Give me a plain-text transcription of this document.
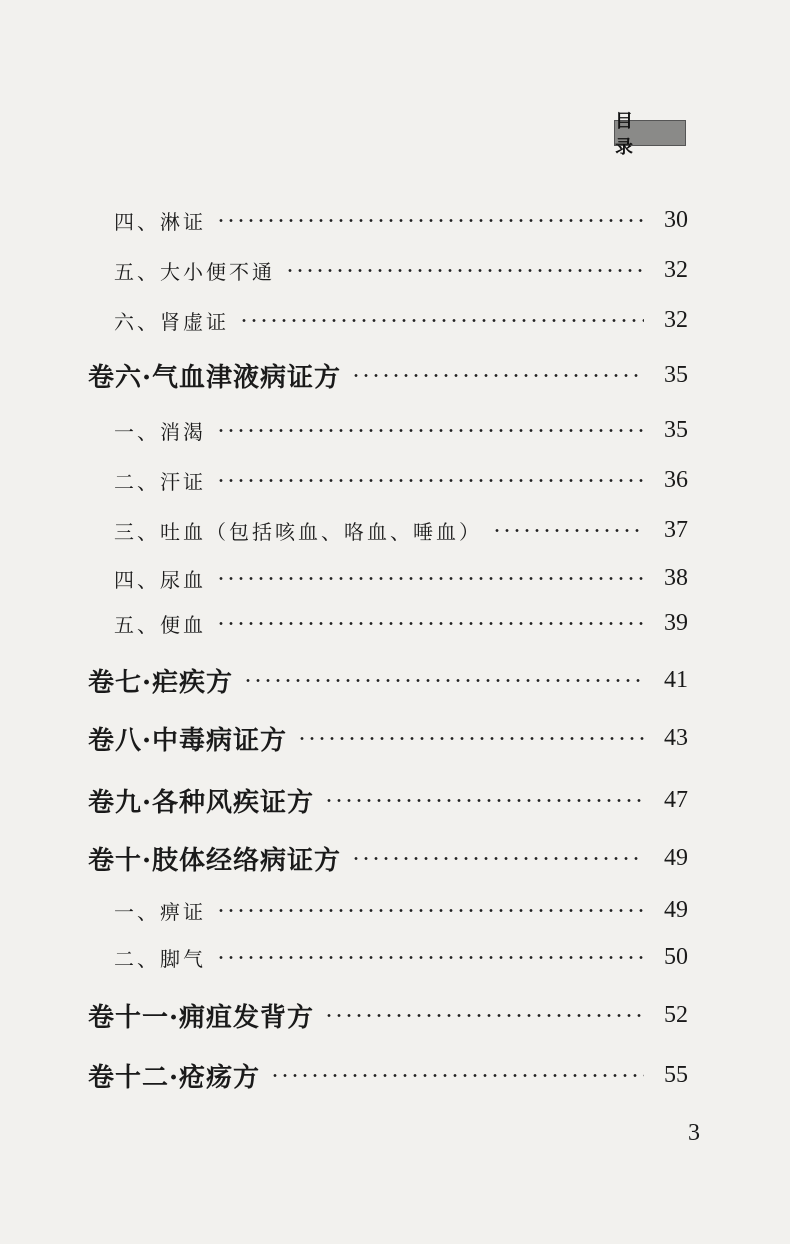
目 录
四、淋证	30
五、大小便不通	32
六、肾虚证	32
卷六·气血津液病证方	35
一、消渴	35
二、汗证	36
三、吐血（包括咳血、咯血、唾血）	37
四、尿血	38
五、便血	39
卷七·疟疾方	41
卷八·中毒病证方	43
卷九·各种风疾证方	47
卷十·肢体经络病证方	49
一、痹证	49
二、脚气	50
卷十一·痈疽发背方	52
卷十二·疮疡方	55
3
